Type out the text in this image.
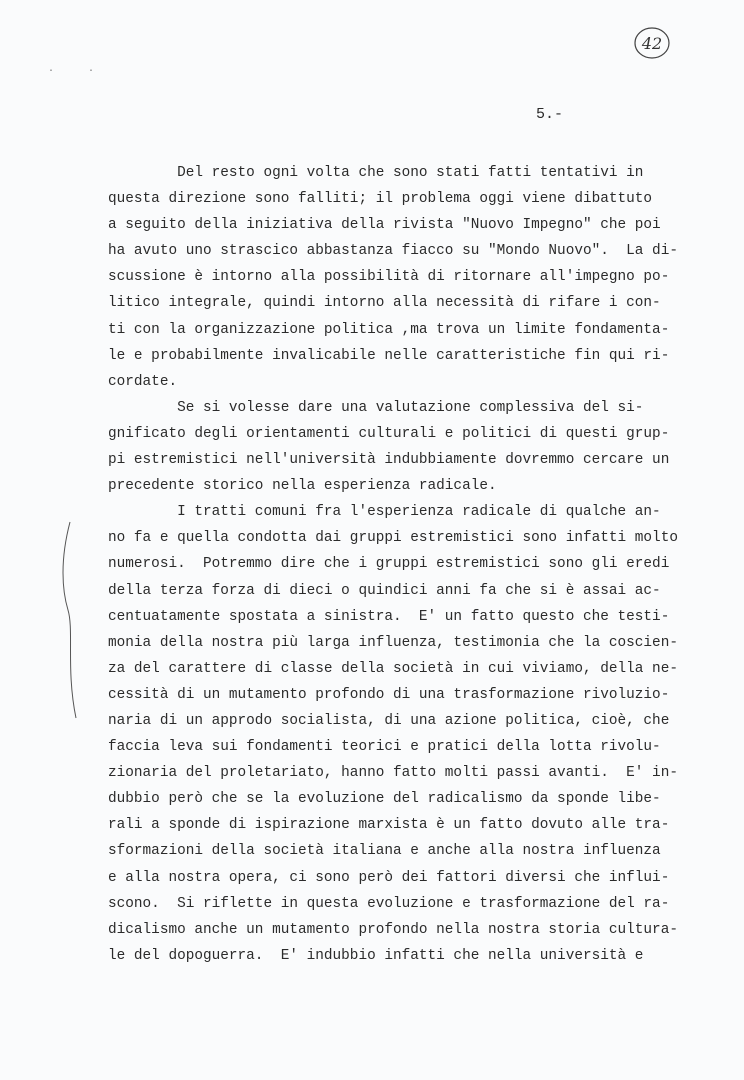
42
· ·
5.-
Del resto ogni volta che sono stati fatti tentativi in
questa direzione sono falliti; il problema oggi viene dibattuto
a seguito della iniziativa della rivista "Nuovo Impegno" che poi
ha avuto uno strascico abbastanza fiacco su "Mondo Nuovo".  La di-
scussione è intorno alla possibilità di ritornare all'impegno po-
litico integrale, quindi intorno alla necessità di rifare i con-
ti con la organizzazione politica ,ma trova un limite fondamenta-
le e probabilmente invalicabile nelle caratteristiche fin qui ri-
cordate.
Se si volesse dare una valutazione complessiva del si-
gnificato degli orientamenti culturali e politici di questi grup-
pi estremistici nell'università indubbiamente dovremmo cercare un
precedente storico nella esperienza radicale.
I tratti comuni fra l'esperienza radicale di qualche an-
no fa e quella condotta dai gruppi estremistici sono infatti molto
numerosi.  Potremmo dire che i gruppi estremistici sono gli eredi
della terza forza di dieci o quindici anni fa che si è assai ac-
centuatamente spostata a sinistra.  E' un fatto questo che testi-
monia della nostra più larga influenza, testimonia che la coscien-
za del carattere di classe della società in cui viviamo, della ne-
cessità di un mutamento profondo di una trasformazione rivoluzio-
naria di un approdo socialista, di una azione politica, cioè, che
faccia leva sui fondamenti teorici e pratici della lotta rivolu-
zionaria del proletariato, hanno fatto molti passi avanti.  E' in-
dubbio però che se la evoluzione del radicalismo da sponde libe-
rali a sponde di ispirazione marxista è un fatto dovuto alle tra-
sformazioni della società italiana e anche alla nostra influenza
e alla nostra opera, ci sono però dei fattori diversi che influi-
scono.  Si riflette in questa evoluzione e trasformazione del ra-
dicalismo anche un mutamento profondo nella nostra storia cultura-
le del dopoguerra.  E' indubbio infatti che nella università e
